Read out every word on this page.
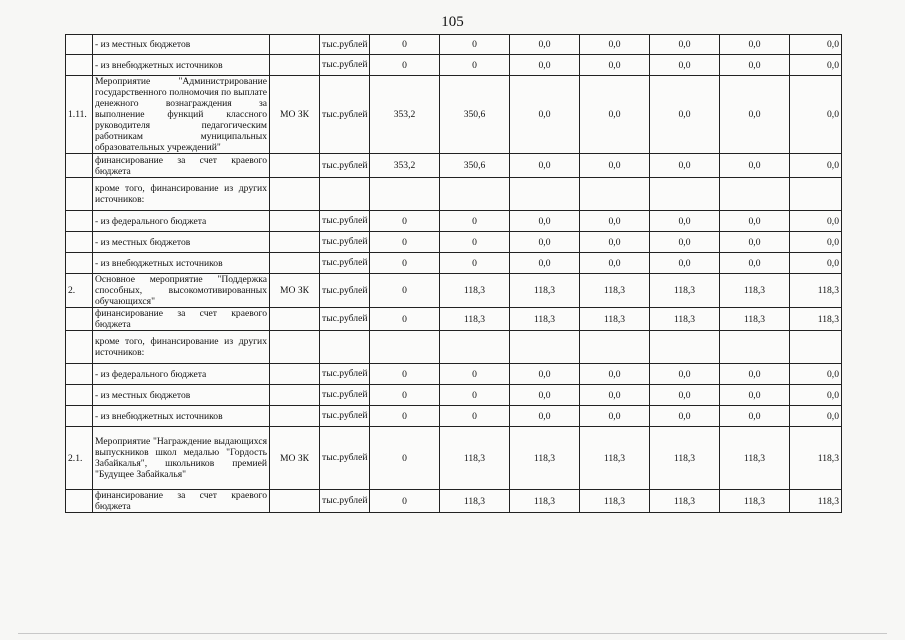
105
	- из местных бюджетов		тыс.рублей	0	0	0,0	0,0	0,0	0,0	0,0
	- из внебюджетных источников		тыс.рублей	0	0	0,0	0,0	0,0	0,0	0,0
1.11.	Мероприятие "Администрирование государственного полномочия по выплате денежного вознаграждения за выполнение функций классного руководителя педагогическим работникам муниципальных образовательных учреждений"	МО ЗК	тыс.рублей	353,2	350,6	0,0	0,0	0,0	0,0	0,0
	финансирование за счет краевого бюджета		тыс.рублей	353,2	350,6	0,0	0,0	0,0	0,0	0,0
	кроме того, финансирование из других источников:									
	- из федерального бюджета		тыс.рублей	0	0	0,0	0,0	0,0	0,0	0,0
	- из местных бюджетов		тыс.рублей	0	0	0,0	0,0	0,0	0,0	0,0
	- из внебюджетных источников		тыс.рублей	0	0	0,0	0,0	0,0	0,0	0,0
2.	Основное мероприятие "Поддержка способных, высокомотивированных обучающихся"	МО ЗК	тыс.рублей	0	118,3	118,3	118,3	118,3	118,3	118,3
	финансирование за счет краевого бюджета		тыс.рублей	0	118,3	118,3	118,3	118,3	118,3	118,3
	кроме того, финансирование из других источников:									
	- из федерального бюджета		тыс.рублей	0	0	0,0	0,0	0,0	0,0	0,0
	- из местных бюджетов		тыс.рублей	0	0	0,0	0,0	0,0	0,0	0,0
	- из внебюджетных источников		тыс.рублей	0	0	0,0	0,0	0,0	0,0	0,0
2.1.	Мероприятие "Награждение выдающихся выпускников школ медалью "Гордость Забайкалья", школьников премией "Будущее Забайкалья"	МО ЗК	тыс.рублей	0	118,3	118,3	118,3	118,3	118,3	118,3
	финансирование за счет краевого бюджета		тыс.рублей	0	118,3	118,3	118,3	118,3	118,3	118,3
